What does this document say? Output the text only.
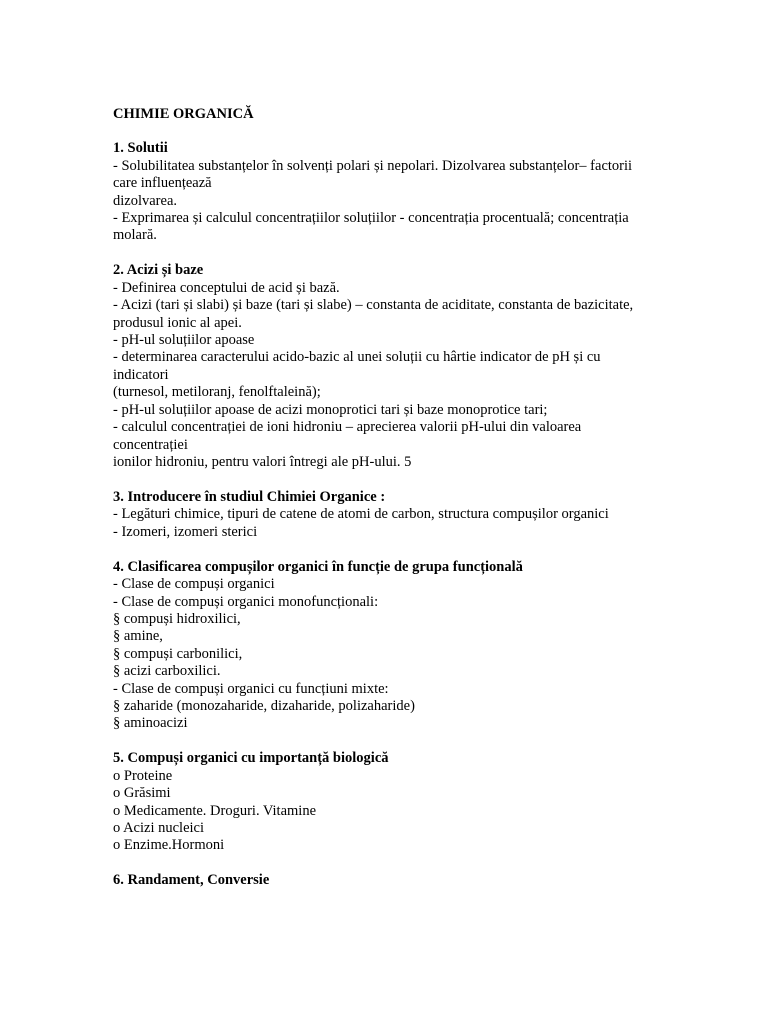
CHIMIE ORGANICĂ
1. Solutii
- Solubilitatea substanțelor în solvenți polari și nepolari. Dizolvarea substanțelor– factorii
care influențează
dizolvarea.
- Exprimarea și calculul concentrațiilor soluțiilor - concentrația procentuală; concentrația
molară.
2. Acizi și baze
- Definirea conceptului de acid și bază.
- Acizi (tari și slabi) și baze (tari și slabe) – constanta de aciditate, constanta de bazicitate,
produsul ionic al apei.
- pH-ul soluțiilor apoase
- determinarea caracterului acido-bazic al unei soluții cu hârtie indicator de pH și cu
indicatori
(turnesol, metiloranj, fenolftaleină);
- pH-ul soluțiilor apoase de acizi monoprotici tari și baze monoprotice tari;
- calculul concentrației de ioni hidroniu – aprecierea valorii pH-ului din valoarea
concentrației
ionilor hidroniu, pentru valori întregi ale pH-ului. 5
3. Introducere în studiul Chimiei Organice :
- Legături chimice, tipuri de catene de atomi de carbon, structura compușilor organici
- Izomeri, izomeri sterici
4. Clasificarea compușilor organici în funcție de grupa funcțională
- Clase de compuși organici
- Clase de compuși organici monofuncționali:
§ compuși hidroxilici,
§ amine,
§ compuși carbonilici,
§ acizi carboxilici.
- Clase de compuși organici cu funcțiuni mixte:
§ zaharide (monozaharide, dizaharide, polizaharide)
§ aminoacizi
5. Compuși organici cu importanță biologică
o Proteine
o Grăsimi
o Medicamente. Droguri. Vitamine
o Acizi nucleici
o Enzime.Hormoni
6. Randament, Conversie
